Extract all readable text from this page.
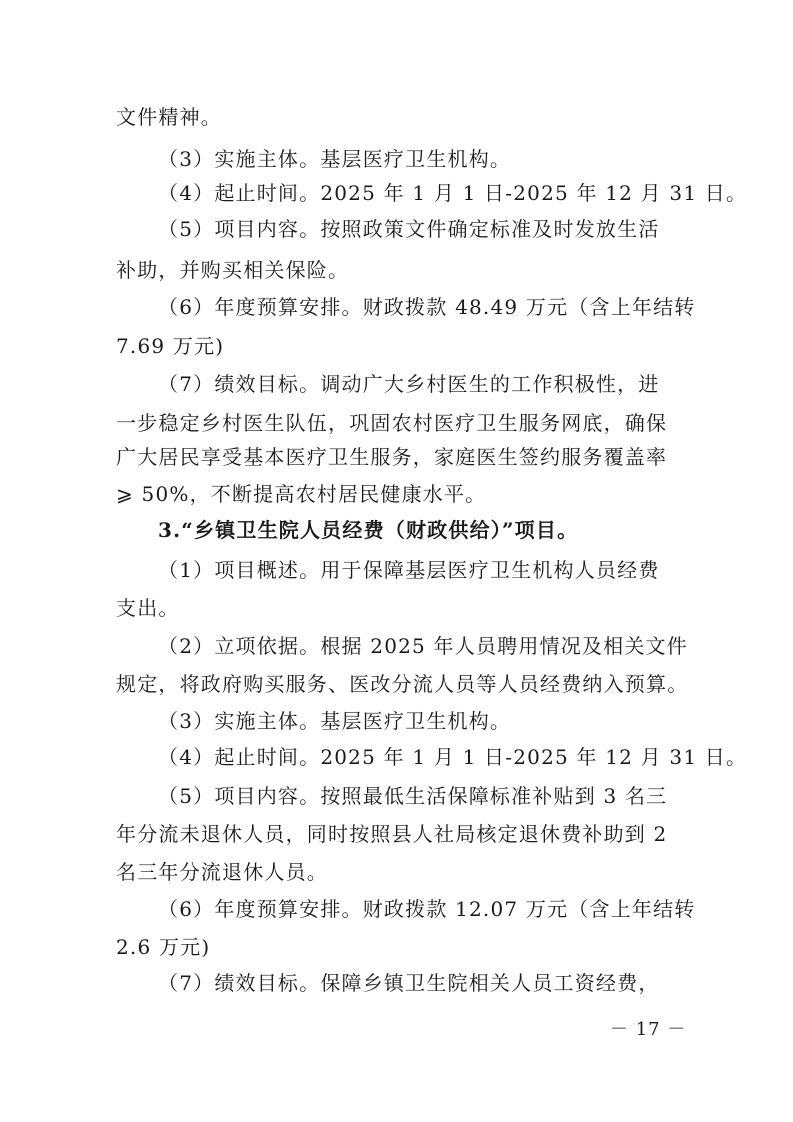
文件精神。
（3）实施主体。基层医疗卫生机构。
（4）起止时间。2025 年 1 月 1 日-2025 年 12 月 31 日。
（5）项目内容。按照政策文件确定标准及时发放生活
补助，并购买相关保险。
（6）年度预算安排。财政拨款 48.49 万元（含上年结转
7.69 万元)
（7）绩效目标。调动广大乡村医生的工作积极性，进
一步稳定乡村医生队伍，巩固农村医疗卫生服务网底，确保
广大居民享受基本医疗卫生服务，家庭医生签约服务覆盖率
⩾ 50%，不断提高农村居民健康水平。
3.“乡镇卫生院人员经费（财政供给）”项目。
（1）项目概述。用于保障基层医疗卫生机构人员经费
支出。
（2）立项依据。根据 2025 年人员聘用情况及相关文件
规定，将政府购买服务、医改分流人员等人员经费纳入预算。
（3）实施主体。基层医疗卫生机构。
（4）起止时间。2025 年 1 月 1 日-2025 年 12 月 31 日。
（5）项目内容。按照最低生活保障标准补贴到 3 名三
年分流未退休人员，同时按照县人社局核定退休费补助到 2
名三年分流退休人员。
（6）年度预算安排。财政拨款 12.07 万元（含上年结转
2.6 万元)
（7）绩效目标。保障乡镇卫生院相关人员工资经费，
－ 17 －
